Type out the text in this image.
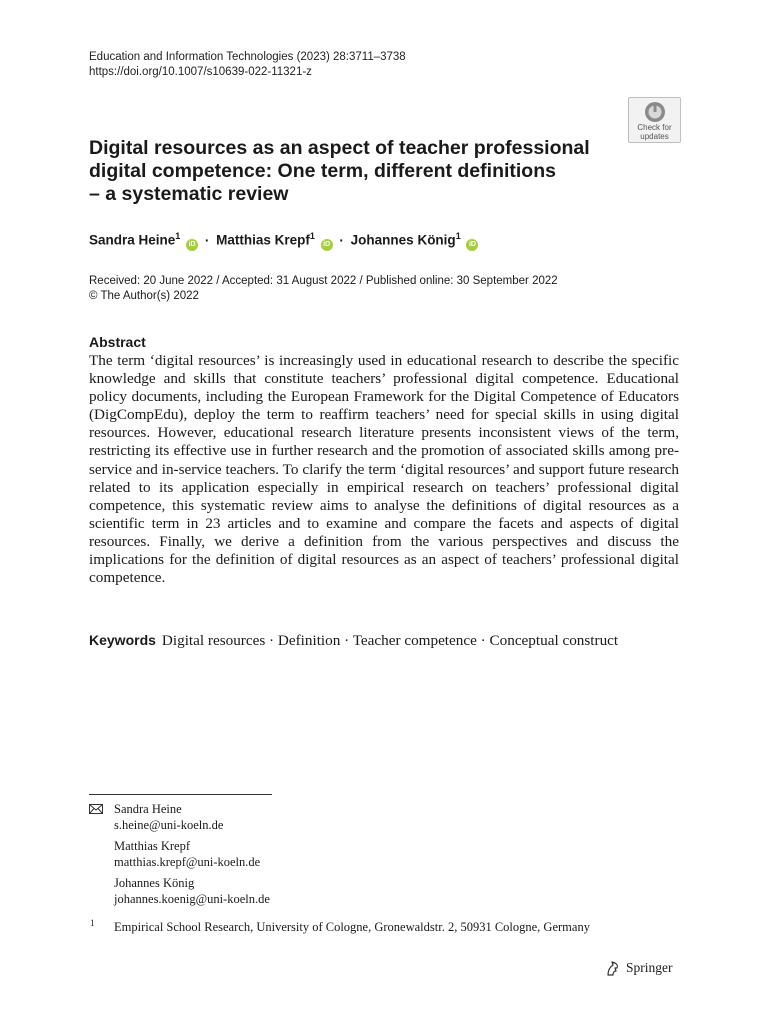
Education and Information Technologies (2023) 28:3711–3738
https://doi.org/10.1007/s10639-022-11321-z
Check for
updates
Digital resources as an aspect of teacher professional
digital competence: One term, different definitions
– a systematic review
Sandra Heine$^1$ iD · Matthias Krepf$^1$ iD · Johannes König$^1$ iD
Received: 20 June 2022 / Accepted: 31 August 2022 / Published online: 30 September 2022
© The Author(s) 2022
Abstract

The term ‘digital resources’ is increasingly used in educational research to describe the specific knowledge and skills that constitute teachers’ professional digital competence. Educational policy documents, including the European Framework for the Digital Competence of Educators (DigCompEdu), deploy the term to reaffirm teachers’ need for special skills in using digital resources. However, educational research literature presents inconsistent views of the term, restricting its effective use in further research and the promotion of associated skills among pre-service and in-service teachers. To clarify the term ‘digital resources’ and support future research related to its application especially in empirical research on teachers’ professional digital competence, this systematic review aims to analyse the definitions of digital resources as a scientific term in 23 articles and to examine and compare the facets and aspects of digital resources. Finally, we derive a definition from the various perspectives and discuss the implications for the definition of digital resources as an aspect of teachers’ professional digital competence.

Keywords Digital resources · Definition · Teacher competence · Conceptual construct
Sandra Heine
s.heine@uni-koeln.de
Matthias Krepf
matthias.krepf@uni-koeln.de
Johannes König
johannes.koenig@uni-koeln.de
1 Empirical School Research, University of Cologne, Gronewaldstr. 2, 50931 Cologne, Germany
Springer
